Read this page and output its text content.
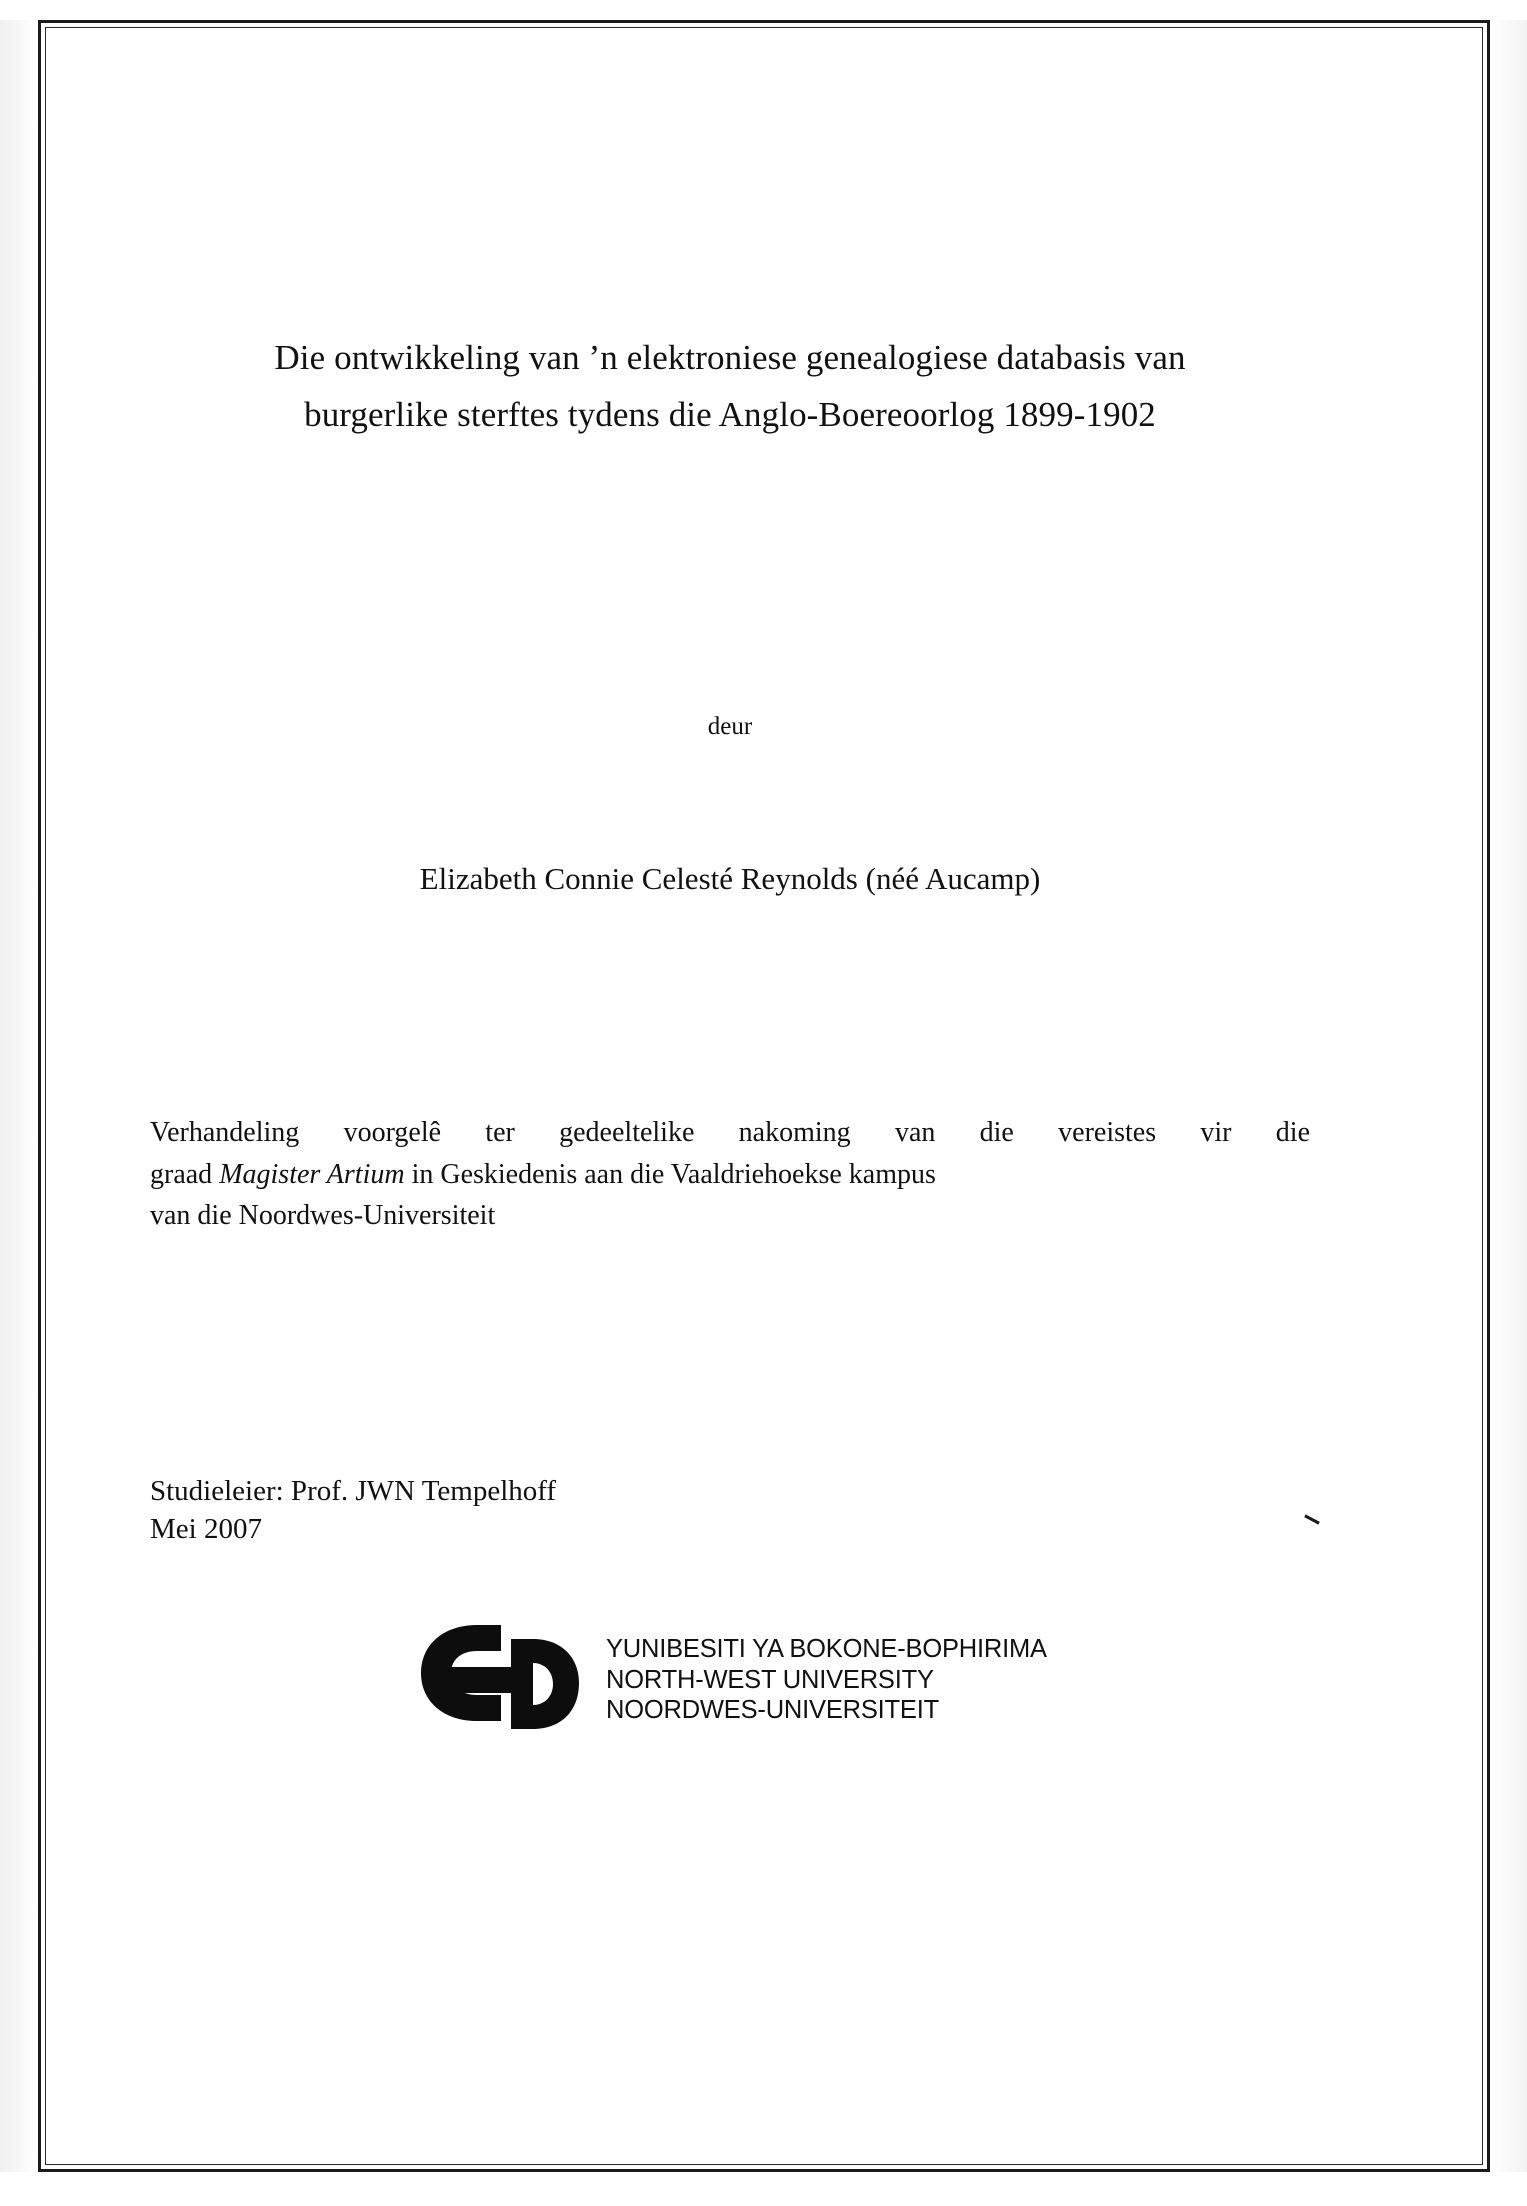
Die ontwikkeling van ’n elektroniese genealogiese databasis van
burgerlike sterftes tydens die Anglo-Boereoorlog 1899-1902
deur
Elizabeth Connie Celesté Reynolds (néé Aucamp)

Verhandeling voorgelê ter gedeeltelike nakoming van die vereistes vir die

graad Magister Artium in Geskiedenis aan die Vaaldriehoekse kampus

van die Noordwes-Universiteit

Studieleier: Prof. JWN Tempelhoff

Mei 2007

YUNIBESITI YA BOKONE-BOPHIRIMA
NORTH-WEST UNIVERSITY
NOORDWES-UNIVERSITEIT
